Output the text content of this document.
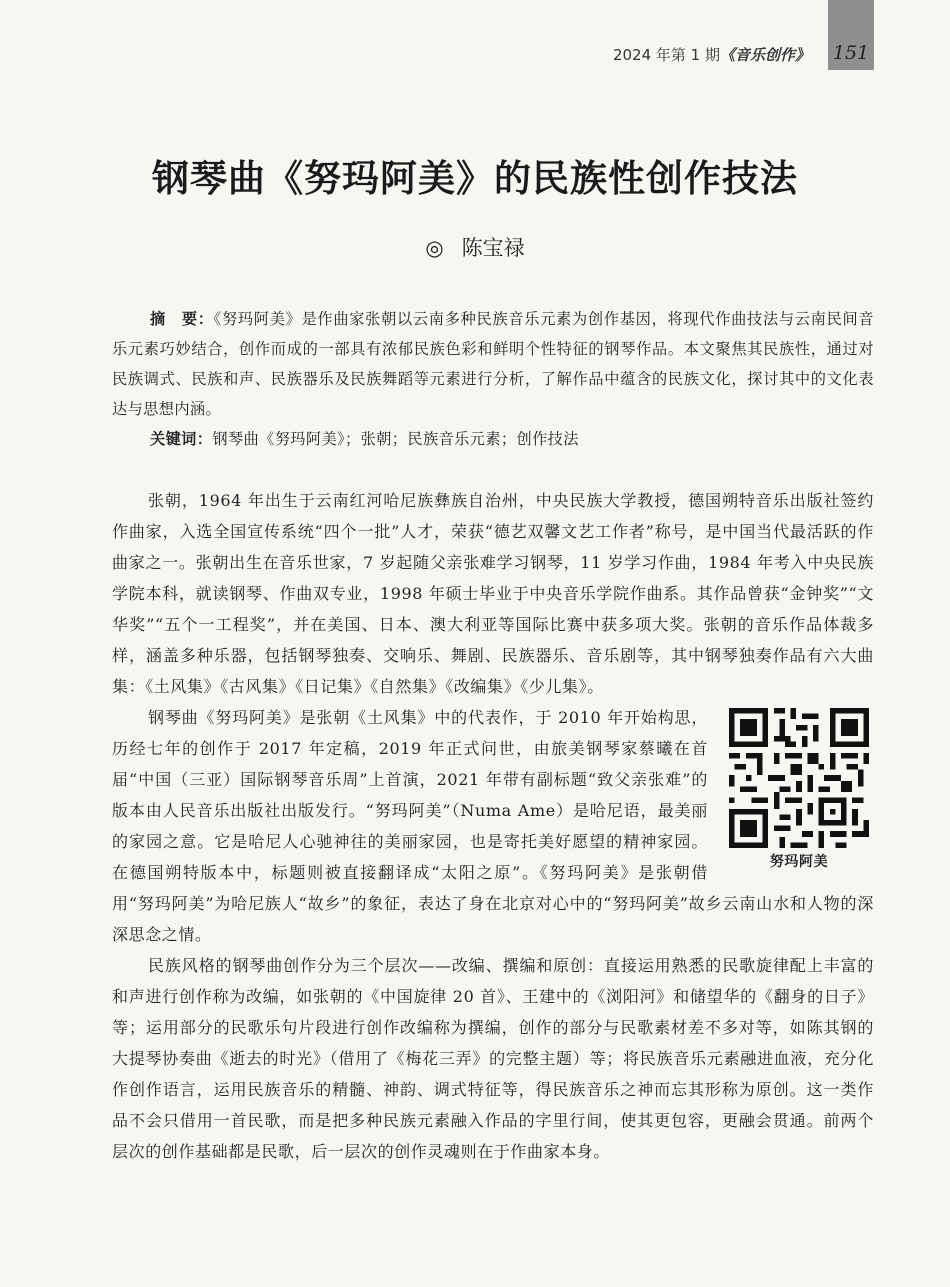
2024 年第 1 期《音乐创作》 151
钢琴曲《努玛阿美》的民族性创作技法
◎ 陈宝禄

摘　要：《努玛阿美》是作曲家张朝以云南多种民族音乐元素为创作基因，将现代作曲技法与云南民间音乐元素巧妙结合，创作而成的一部具有浓郁民族色彩和鲜明个性特征的钢琴作品。本文聚焦其民族性，通过对民族调式、民族和声、民族器乐及民族舞蹈等元素进行分析，了解作品中蕴含的民族文化，探讨其中的文化表达与思想内涵。

关键词：钢琴曲《努玛阿美》；张朝；民族音乐元素；创作技法

张朝，1964 年出生于云南红河哈尼族彝族自治州，中央民族大学教授，德国朔特音乐出版社签约作曲家，入选全国宣传系统“四个一批”人才，荣获“德艺双馨文艺工作者”称号，是中国当代最活跃的作曲家之一。张朝出生在音乐世家，7 岁起随父亲张难学习钢琴，11 岁学习作曲，1984 年考入中央民族学院本科，就读钢琴、作曲双专业，1998 年硕士毕业于中央音乐学院作曲系。其作品曾获“金钟奖”“文华奖”“五个一工程奖”，并在美国、日本、澳大利亚等国际比赛中获多项大奖。张朝的音乐作品体裁多样，涵盖多种乐器，包括钢琴独奏、交响乐、舞剧、民族器乐、音乐剧等，其中钢琴独奏作品有六大曲集：《土风集》《古风集》《日记集》《自然集》《改编集》《少儿集》。

努玛阿美

钢琴曲《努玛阿美》是张朝《土风集》中的代表作，于 2010 年开始构思，历经七年的创作于 2017 年定稿，2019 年正式问世，由旅美钢琴家蔡曦在首届“中国（三亚）国际钢琴音乐周”上首演，2021 年带有副标题“致父亲张难”的版本由人民音乐出版社出版发行。“努玛阿美”（Numa Ame）是哈尼语，最美丽的家园之意。它是哈尼人心驰神往的美丽家园，也是寄托美好愿望的精神家园。在德国朔特版本中，标题则被直接翻译成“太阳之原”。《努玛阿美》是张朝借用“努玛阿美”为哈尼族人“故乡”的象征，表达了身在北京对心中的“努玛阿美”故乡云南山水和人物的深深思念之情。

民族风格的钢琴曲创作分为三个层次——改编、撰编和原创：直接运用熟悉的民歌旋律配上丰富的和声进行创作称为改编，如张朝的《中国旋律 20 首》、王建中的《浏阳河》和储望华的《翻身的日子》等；运用部分的民歌乐句片段进行创作改编称为撰编，创作的部分与民歌素材差不多对等，如陈其钢的大提琴协奏曲《逝去的时光》（借用了《梅花三弄》的完整主题）等；将民族音乐元素融进血液，充分化作创作语言，运用民族音乐的精髓、神韵、调式特征等，得民族音乐之神而忘其形称为原创。这一类作品不会只借用一首民歌，而是把多种民族元素融入作品的字里行间，使其更包容，更融会贯通。前两个层次的创作基础都是民歌，后一层次的创作灵魂则在于作曲家本身。
